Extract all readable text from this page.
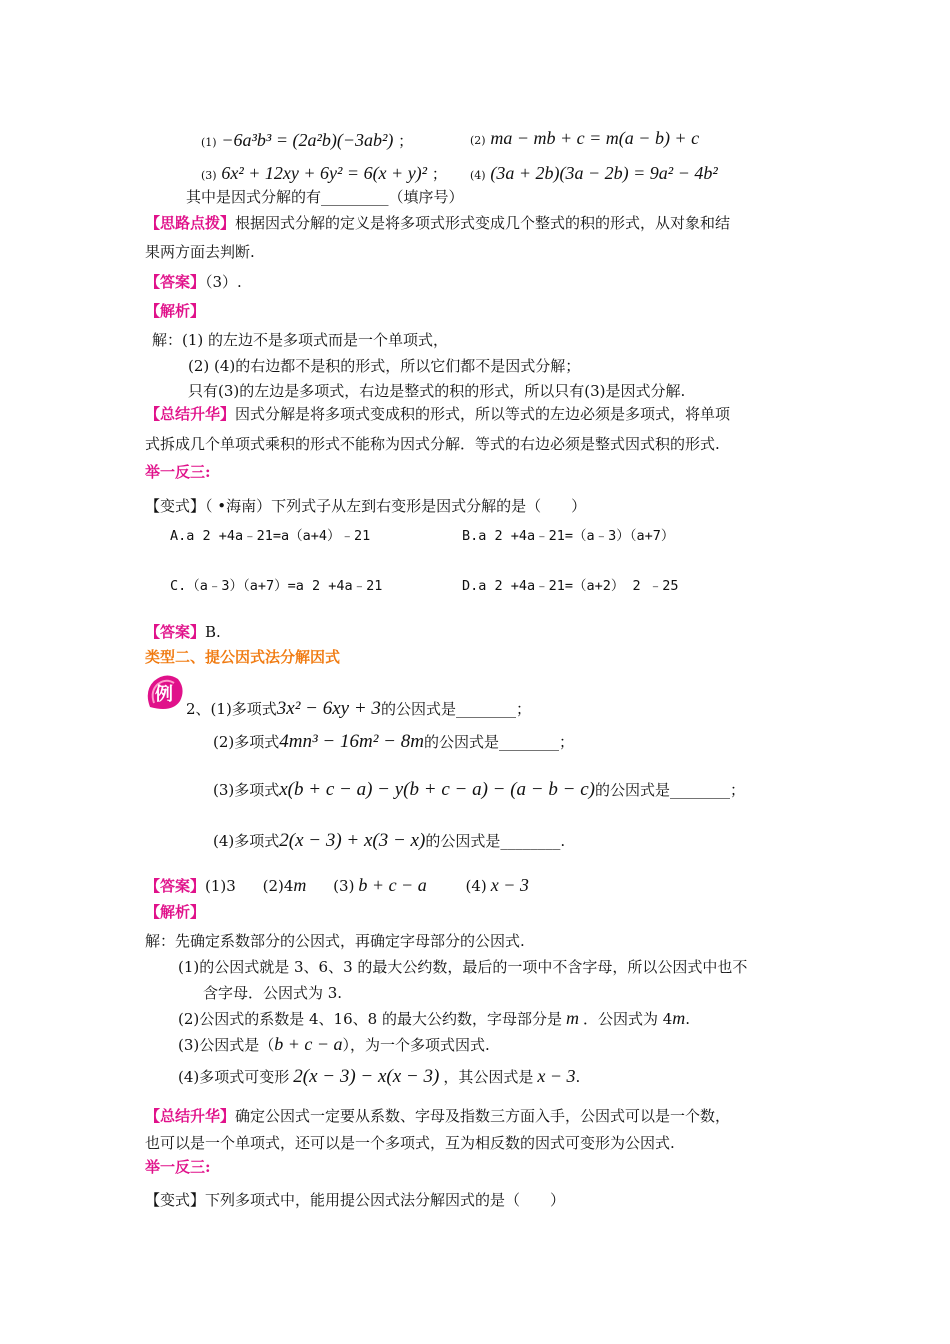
(1) −6a³b³ = (2a²b)(−3ab²) ；	(2) ma − mb + c = m(a − b) + c
(3) 6x² + 12xy + 6y² = 6(x + y)² ； (4) (3a + 2b)(3a − 2b) = 9a² − 4b²
其中是因式分解的有_________（填序号）
【思路点拨】根据因式分解的定义是将多项式形式变成几个整式的积的形式，从对象和结
果两方面去判断.
【答案】（3）.
【解析】
解：(1) 的左边不是多项式而是一个单项式，
(2) (4)的右边都不是积的形式，所以它们都不是因式分解；
只有(3)的左边是多项式，右边是整式的积的形式，所以只有(3)是因式分解.
【总结升华】因式分解是将多项式变成积的形式，所以等式的左边必须是多项式，将单项
式拆成几个单项式乘积的形式不能称为因式分解．等式的右边必须是整式因式积的形式.
举一反三:
【变式】（ •海南）下列式子从左到右变形是因式分解的是（　　）
A.a 2 +4a﹣21=a（a+4）﹣21	B.a 2 +4a﹣21=（a﹣3）（a+7）
C.（a﹣3）（a+7）=a 2 +4a﹣21	D.a 2 +4a﹣21=（a+2） 2 ﹣25
【答案】B.
类型二、提公因式法分解因式
例
2、(1)多项式3x² − 6xy + 3的公因式是________；
(2)多项式4mn³ − 16m² − 8m的公因式是________；
(3)多项式x(b + c − a) − y(b + c − a) − (a − b − c)的公因式是________；
(4)多项式2(x − 3) + x(3 − x)的公因式是________.
【答案】(1)3 (2)4m (3) b + c − a	(4) x − 3
【解析】
解：先确定系数部分的公因式，再确定字母部分的公因式.
(1)的公因式就是 3、6、3 的最大公约数，最后的一项中不含字母，所以公因式中也不
含字母．公因式为 3.
(2)公因式的系数是 4、16、8 的最大公约数，字母部分是 m ．公因式为 4m.
(3)公因式是（b + c − a），为一个多项式因式.
(4)多项式可变形 2(x − 3) − x(x − 3) ，其公因式是 x − 3.
【总结升华】确定公因式一定要从系数、字母及指数三方面入手，公因式可以是一个数，
也可以是一个单项式，还可以是一个多项式，互为相反数的因式可变形为公因式.
举一反三:
【变式】下列多项式中，能用提公因式法分解因式的是（　　）
